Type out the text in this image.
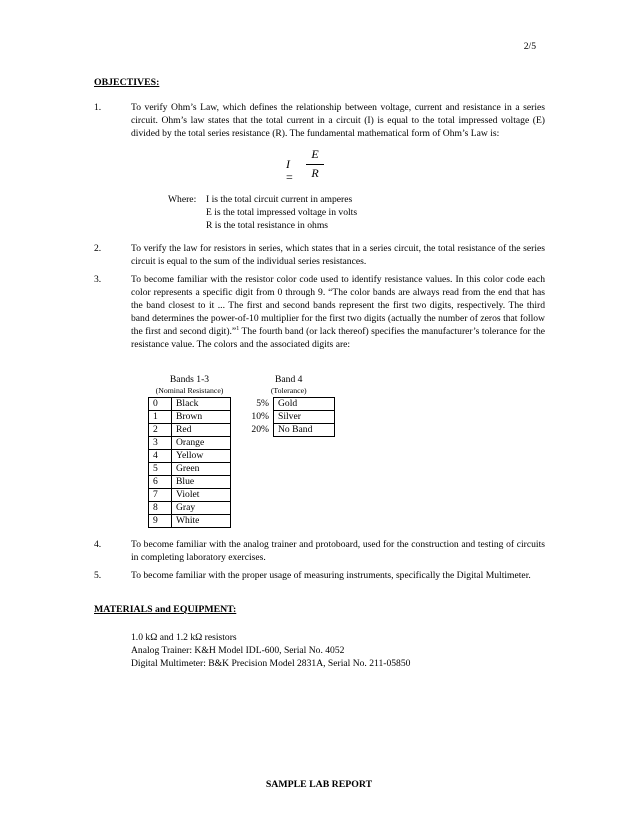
2/5
OBJECTIVES:
1.	To verify Ohm’s Law, which defines the relationship between voltage, current and resistance in a series circuit. Ohm’s law states that the total current in a circuit (I) is equal to the total impressed voltage (E) divided by the total series resistance (R). The fundamental mathematical form of Ohm’s Law is:

I =
E
R
Where: I is the total circuit current in amperes
E is the total impressed voltage in volts
R is the total resistance in ohms
2.	To verify the law for resistors in series, which states that in a series circuit, the total resistance of the series circuit is equal to the sum of the individual series resistances.

3.	To become familiar with the resistor color code used to identify resistance values. In this color code each color represents a specific digit from 0 through 9. “The color bands are always read from the end that has the band closest to it ... The first and second bands represent the first two digits, respectively. The third band determines the power-of-10 multiplier for the first two digits (actually the number of zeros that follow the first and second digit).”$^1$ The fourth band (or lack thereof) specifies the manufacturer’s tolerance for the resistance value. The colors and the associated digits are:

Bands 1-3
(Nominal Resistance)	

0	Black
1	Brown
2	Red
3	Orange
4	Yellow
5	Green
6	Blue
7	Violet
8	Gray
9	White
Band 4
(Tolerance)	

5%	Gold
10%	Silver
20%	No Band
4.	To become familiar with the analog trainer and protoboard, used for the construction and testing of circuits in completing laboratory exercises.

5.	To become familiar with the proper usage of measuring instruments, specifically the Digital Multimeter.

MATERIALS and EQUIPMENT:
1.0 kΩ and 1.2 kΩ resistors
Analog Trainer: K&H Model IDL-600, Serial No. 4052
Digital Multimeter: B&K Precision Model 2831A, Serial No. 211-05850
SAMPLE LAB REPORT
